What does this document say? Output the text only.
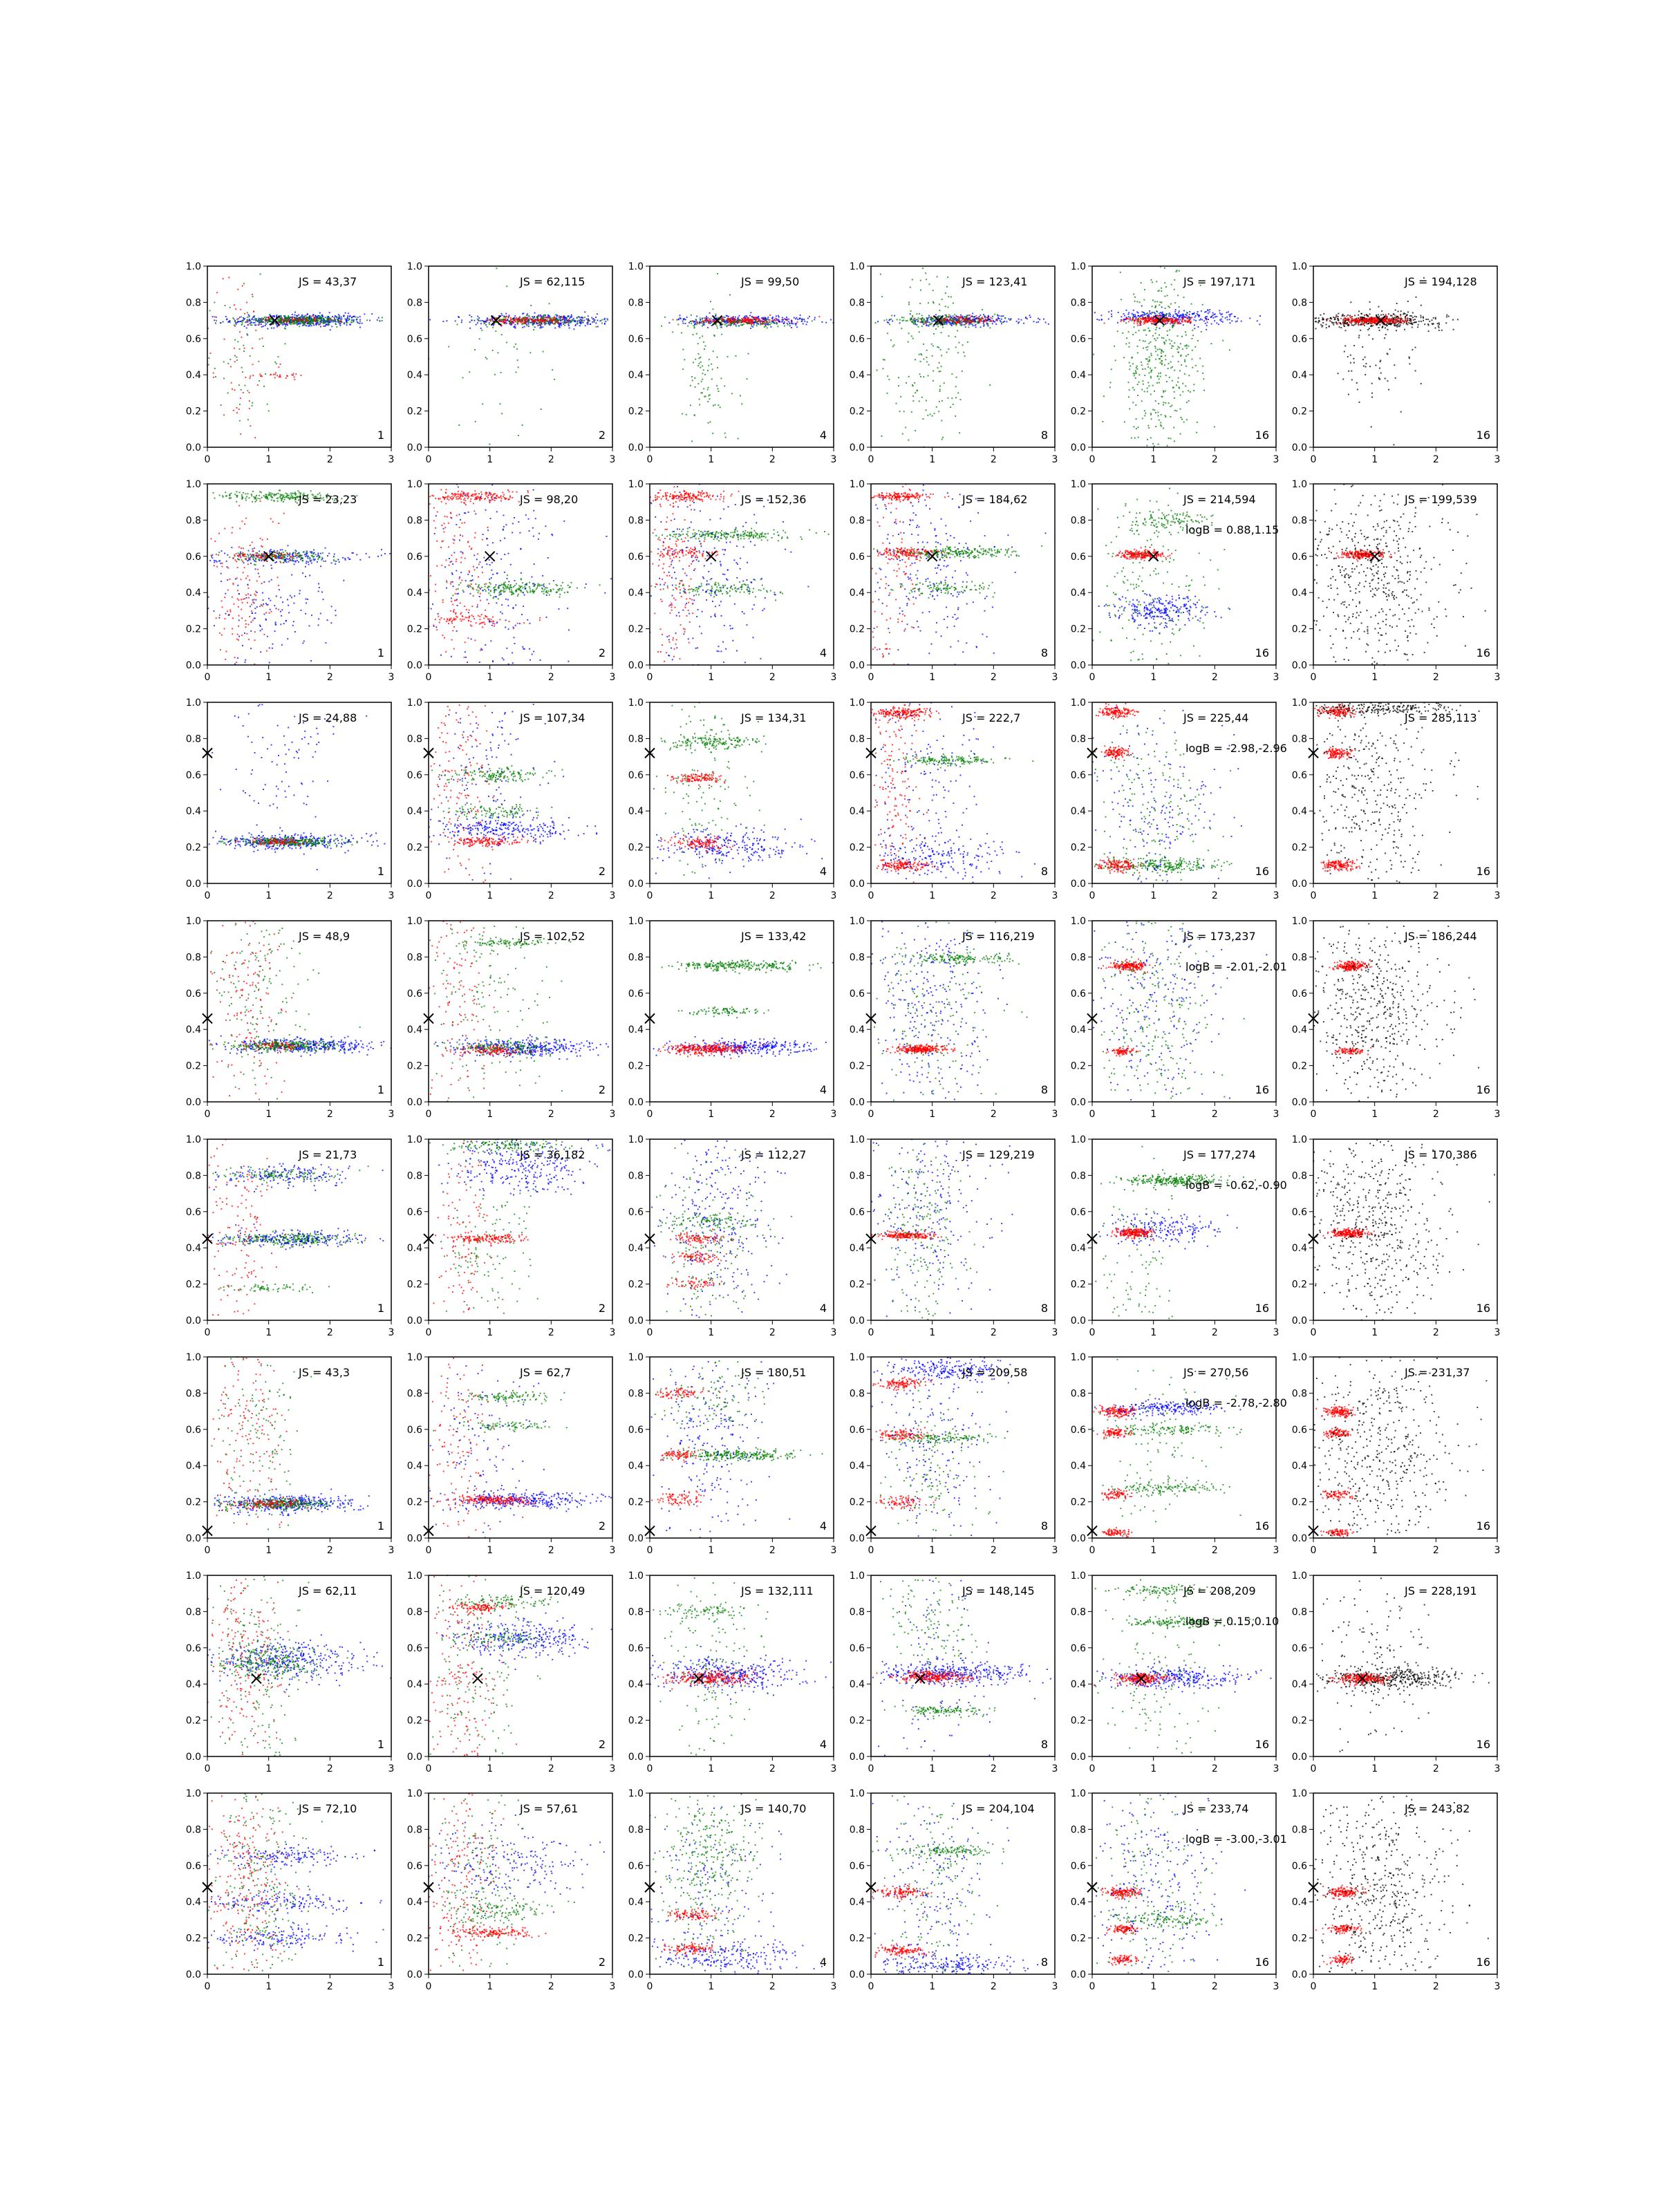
0	1	2	3
0.0
0.2
0.4
0.6
0.8
1.0
JS = 43,37
1
0	1	2	3
0.0
0.2
0.4
0.6
0.8
1.0
JS = 62,115
2
0	1	2	3
0.0
0.2
0.4
0.6
0.8
1.0
JS = 99,50
4
0	1	2	3
0.0
0.2
0.4
0.6
0.8
1.0
JS = 123,41
8
0	1	2	3
0.0
0.2
0.4
0.6
0.8
1.0
JS = 197,171
16
0	1	2	3
0.0
0.2
0.4
0.6
0.8
1.0
JS = 194,128
16
0	1	2	3
0.0
0.2
0.4
0.6
0.8
1.0
JS = 23,23
1
0	1	2	3
0.0
0.2
0.4
0.6
0.8
1.0
JS = 98,20
2
0	1	2	3
0.0
0.2
0.4
0.6
0.8
1.0
JS = 152,36
4
0	1	2	3
0.0
0.2
0.4
0.6
0.8
1.0
JS = 184,62
8
0	1	2	3
0.0
0.2
0.4
0.6
0.8
1.0
JS = 214,594
logB = 0.88,1.15
16
0	1	2	3
0.0
0.2
0.4
0.6
0.8
1.0
JS = 199,539
16
0	1	2	3
0.0
0.2
0.4
0.6
0.8
1.0
JS = 24,88
1
0	1	2	3
0.0
0.2
0.4
0.6
0.8
1.0
JS = 107,34
2
0	1	2	3
0.0
0.2
0.4
0.6
0.8
1.0
JS = 134,31
4
0	1	2	3
0.0
0.2
0.4
0.6
0.8
1.0
JS = 222,7
8
0	1	2	3
0.0
0.2
0.4
0.6
0.8
1.0
JS = 225,44
logB = -2.98,-2.96
16
0	1	2	3
0.0
0.2
0.4
0.6
0.8
1.0
JS = 285,113
16
0	1	2	3
0.0
0.2
0.4
0.6
0.8
1.0
JS = 48,9
1
0	1	2	3
0.0
0.2
0.4
0.6
0.8
1.0
JS = 102,52
2
0	1	2	3
0.0
0.2
0.4
0.6
0.8
1.0
JS = 133,42
4
0	1	2	3
0.0
0.2
0.4
0.6
0.8
1.0
JS = 116,219
8
0	1	2	3
0.0
0.2
0.4
0.6
0.8
1.0
JS = 173,237
logB = -2.01,-2.01
16
0	1	2	3
0.0
0.2
0.4
0.6
0.8
1.0
JS = 186,244
16
0	1	2	3
0.0
0.2
0.4
0.6
0.8
1.0
JS = 21,73
1
0	1	2	3
0.0
0.2
0.4
0.6
0.8
1.0
JS = 36,182
2
0	1	2	3
0.0
0.2
0.4
0.6
0.8
1.0
JS = 112,27
4
0	1	2	3
0.0
0.2
0.4
0.6
0.8
1.0
JS = 129,219
8
0	1	2	3
0.0
0.2
0.4
0.6
0.8
1.0
JS = 177,274
logB = -0.62,-0.90
16
0	1	2	3
0.0
0.2
0.4
0.6
0.8
1.0
JS = 170,386
16
0	1	2	3
0.0
0.2
0.4
0.6
0.8
1.0
JS = 43,3
1
0	1	2	3
0.0
0.2
0.4
0.6
0.8
1.0
JS = 62,7
2
0	1	2	3
0.0
0.2
0.4
0.6
0.8
1.0
JS = 180,51
4
0	1	2	3
0.0
0.2
0.4
0.6
0.8
1.0
JS = 209,58
8
0	1	2	3
0.0
0.2
0.4
0.6
0.8
1.0
JS = 270,56
logB = -2.78,-2.80
16
0	1	2	3
0.0
0.2
0.4
0.6
0.8
1.0
JS = 231,37
16
0	1	2	3
0.0
0.2
0.4
0.6
0.8
1.0
JS = 62,11
1
0	1	2	3
0.0
0.2
0.4
0.6
0.8
1.0
JS = 120,49
2
0	1	2	3
0.0
0.2
0.4
0.6
0.8
1.0
JS = 132,111
4
0	1	2	3
0.0
0.2
0.4
0.6
0.8
1.0
JS = 148,145
8
0	1	2	3
0.0
0.2
0.4
0.6
0.8
1.0
JS = 208,209
logB = 0.15,0.10
16
0	1	2	3
0.0
0.2
0.4
0.6
0.8
1.0
JS = 228,191
16
0	1	2	3
0.0
0.2
0.4
0.6
0.8
1.0
JS = 72,10
1
0	1	2	3
0.0
0.2
0.4
0.6
0.8
1.0
JS = 57,61
2
0	1	2	3
0.0
0.2
0.4
0.6
0.8
1.0
JS = 140,70
4
0	1	2	3
0.0
0.2
0.4
0.6
0.8
1.0
JS = 204,104
8
0	1	2	3
0.0
0.2
0.4
0.6
0.8
1.0
JS = 233,74
logB = -3.00,-3.01
16
0	1	2	3
0.0
0.2
0.4
0.6
0.8
1.0
JS = 243,82
16
